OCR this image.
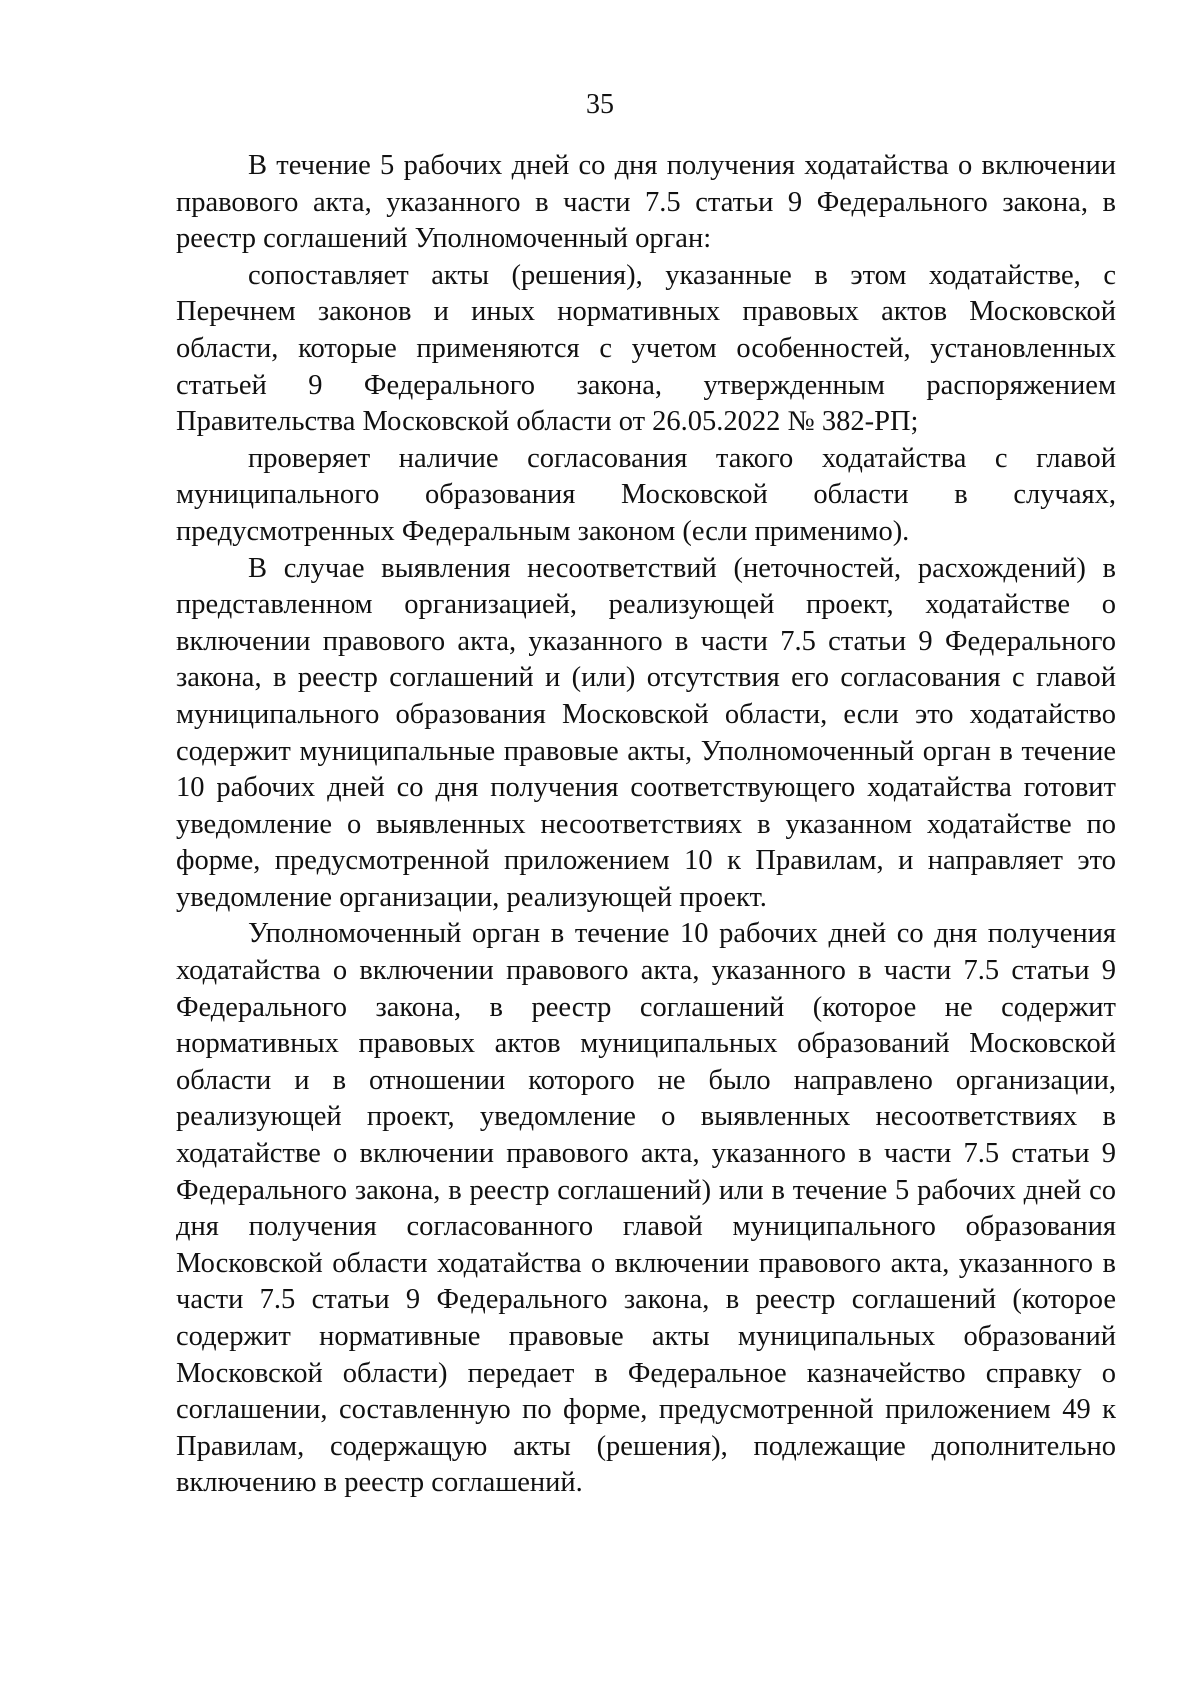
35

В течение 5 рабочих дней со дня получения ходатайства о включении правового акта, указанного в части 7.5 статьи 9 Федерального закона, в реестр соглашений Уполномоченный орган:

сопоставляет акты (решения), указанные в этом ходатайстве, с Перечнем законов и иных нормативных правовых актов Московской области, которые применяются с учетом особенностей, установленных статьей 9 Федерального закона, утвержденным распоряжением Правительства Московской области от 26.05.2022 № 382-РП;

проверяет наличие согласования такого ходатайства с главой муниципального образования Московской области в случаях, предусмотренных Федеральным законом (если применимо).

В случае выявления несоответствий (неточностей, расхождений) в представленном организацией, реализующей проект, ходатайстве о включении правового акта, указанного в части 7.5 статьи 9 Федерального закона, в реестр соглашений и (или) отсутствия его согласования с главой муниципального образования Московской области, если это ходатайство содержит муниципальные правовые акты, Уполномоченный орган в течение 10 рабочих дней со дня получения соответствующего ходатайства готовит уведомление о выявленных несоответствиях в указанном ходатайстве по форме, предусмотренной приложением 10 к Правилам, и направляет это уведомление организации, реализующей проект.

Уполномоченный орган в течение 10 рабочих дней со дня получения ходатайства о включении правового акта, указанного в части 7.5 статьи 9 Федерального закона, в реестр соглашений (которое не содержит нормативных правовых актов муниципальных образований Московской области и в отношении которого не было направлено организации, реализующей проект, уведомление о выявленных несоответствиях в ходатайстве о включении правового акта, указанного в части 7.5 статьи 9 Федерального закона, в реестр соглашений) или в течение 5 рабочих дней со дня получения согласованного главой муниципального образования Московской области ходатайства о включении правового акта, указанного в части 7.5 статьи 9 Федерального закона, в реестр соглашений (которое содержит нормативные правовые акты муниципальных образований Московской области) передает в Федеральное казначейство справку о соглашении, составленную по форме, предусмотренной приложением 49 к Правилам, содержащую акты (решения), подлежащие дополнительно включению в реестр соглашений.
